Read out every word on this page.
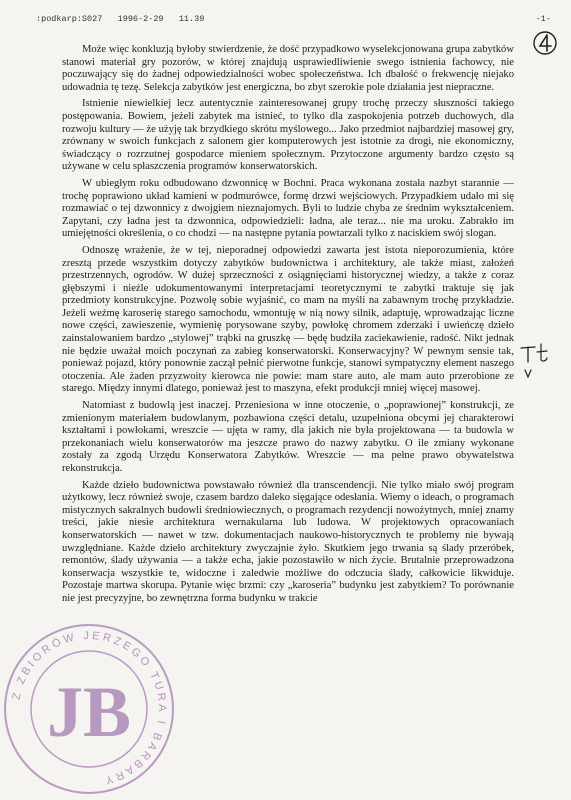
:podkarp:S027   1996-2-29   11.39	-1-

Może więc konkluzją byłoby stwierdzenie, że dość przypadkowo wyselekcjonowana grupa zabytków stanowi materiał gry pozorów, w której znajdują usprawiedliwienie swego istnienia fachowcy, nie poczuwający się do żadnej odpowiedzialności wobec społeczeństwa. Ich dbałość o frekwencję niejako udowadnia tę tezę. Selekcja zabytków jest energiczna, bo zbyt szerokie pole działania jest niepraczne.

Istnienie niewielkiej lecz autentycznie zainteresowanej grupy trochę przeczy słuszności takiego postępowania. Bowiem, jeżeli zabytek ma istnieć, to tylko dla zaspokojenia potrzeb duchowych, dla rozwoju kultury — że użyję tak brzydkiego skrótu myślowego... Jako przedmiot najbardziej masowej gry, zrównany w swoich funkcjach z salonem gier komputerowych jest istotnie za drogi, nie ekonomiczny, świadczący o rozrzutnej gospodarce mieniem społecznym. Przytoczone argumenty bardzo często są używane w celu spłaszczenia programów konserwatorskich.

W ubiegłym roku odbudowano dzwonnicę w Bochni. Praca wykonana została nazbyt starannie — trochę poprawiono układ kamieni w podmurówce, formę drzwi wejściowych. Przypadkiem udało mi się rozmawiać o tej dzwonnicy z dwojgiem nieznajomych. Byli to ludzie chyba ze średnim wykształceniem. Zapytani, czy ładna jest ta dzwonnica, odpowiedzieli: ładna, ale teraz... nie ma uroku. Zabrakło im umiejętności określenia, o co chodzi — na następne pytania powtarzali tylko z naciskiem swój slogan.

Odnoszę wrażenie, że w tej, nieporadnej odpowiedzi zawarta jest istota nieporozumienia, które zresztą przede wszystkim dotyczy zabytków budownictwa i architektury, ale także miast, założeń przestrzennych, ogrodów. W dużej sprzeczności z osiągnięciami historycznej wiedzy, a także z coraz głębszymi i nieźle udokumentowanymi interpretacjami teoretycznymi te zabytki traktuje się jak przedmioty konstrukcyjne. Pozwolę sobie wyjaśnić, co mam na myśli na zabawnym trochę przykładzie. Jeżeli weźmę karoserię starego samochodu, wmontuję w nią nowy silnik, adaptuję, wprowadzając liczne nowe części, zawieszenie, wymienię porysowane szyby, powłokę chromem zderzaki i uwieńczę dzieło zainstalowaniem bardzo „stylowej” trąbki na gruszkę — będę budziła zaciekawienie, radość. Nikt jednak nie będzie uważał moich poczynań za zabieg konserwatorski. Konserwacyjny? W pewnym sensie tak, ponieważ pojazd, który ponownie zaczął pełnić pierwotne funkcje, stanowi sympatyczny element naszego otoczenia. Ale żaden przyzwoity kierowca nie powie: mam stare auto, ale mam auto przerobione ze starego. Między innymi dlatego, ponieważ jest to maszyna, efekt produkcji mniej więcej masowej.

Natomiast z budowlą jest inaczej. Przeniesiona w inne otoczenie, o „poprawionej” konstrukcji, ze zmienionym materiałem budowlanym, pozbawiona części detalu, uzupełniona obcymi jej charakterowi kształtami i powłokami, wreszcie — ujęta w ramy, dla jakich nie była projektowana — ta budowla w przekonaniach wielu konserwatorów ma jeszcze prawo do nazwy zabytku. O ile zmiany wykonane zostały za zgodą Urzędu Konserwatora Zabytków. Wreszcie — ma pełne prawo obywatelstwa rekonstrukcja.

Każde dzieło budownictwa powstawało również dla transcendencji. Nie tylko miało swój program użytkowy, lecz również swoje, czasem bardzo daleko sięgające odesłania. Wiemy o ideach, o programach mistycznych sakralnych budowli średniowiecznych, o programach rezydencji nowożytnych, mniej znamy treści, jakie niesie architektura wernakularna lub ludowa. W projektowych opracowaniach konserwatorskich — nawet w tzw. dokumentacjach naukowo-historycznych te problemy nie bywają uwzględniane. Każde dzieło architektury zwyczajnie żyło. Skutkiem jego trwania są ślady przeróbek, remontów, ślady używania — a także echa, jakie pozostawiło w nich życie. Brutalnie przeprowadzona konserwacja wszystkie te, widoczne i zaledwie możliwe do odczucia ślady, całkowicie likwiduje. Pozostaje martwa skorupa. Pytanie więc brzmi: czy „karoseria” budynku jest zabytkiem? To porównanie nie jest precyzyjne, bo zewnętrzna forma budynku w trakcie

Z ZBIORÓW JERZEGO TURA I BARBARY
JB
